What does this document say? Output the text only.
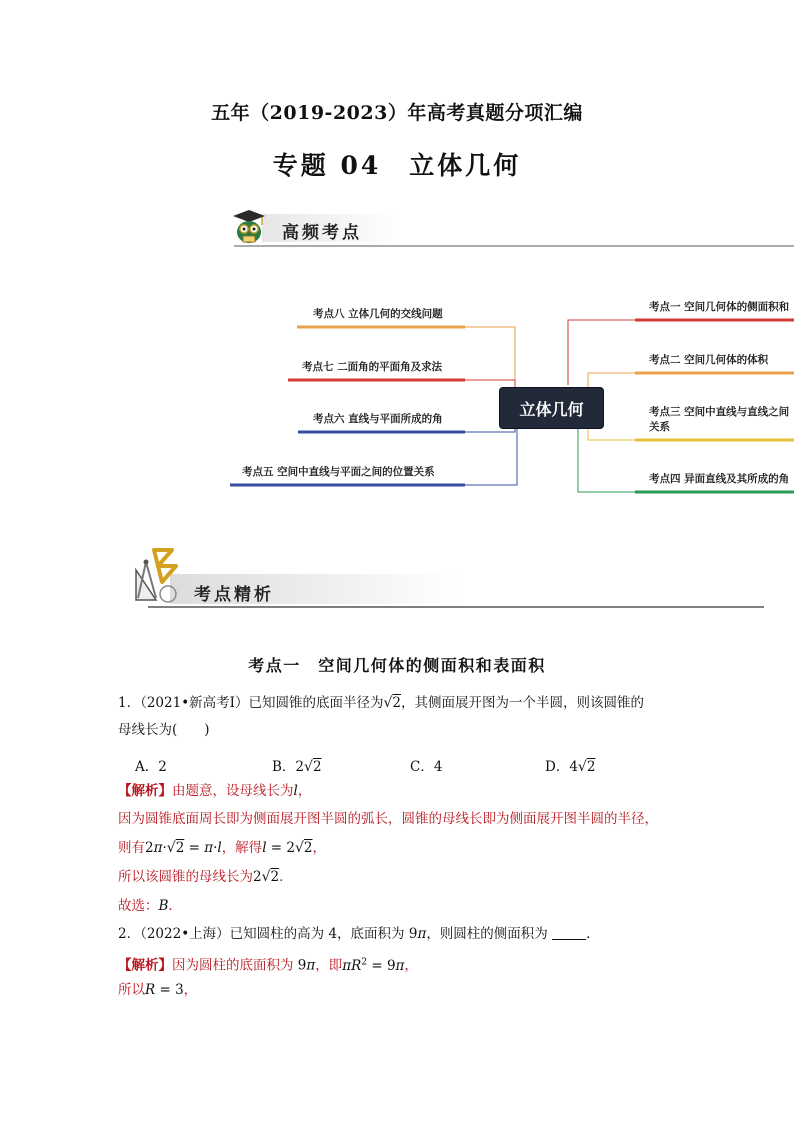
五年（2019-2023）年高考真题分项汇编
专题 04　立体几何
高频考点
考点八 立体几何的交线问题
考点七 二面角的平面角及求法
考点六 直线与平面所成的角
考点五 空间中直线与平面之间的位置关系
考点一 空间几何体的侧面积和
考点二 空间几何体的体积
考点三 空间中直线与直线之间
关系
考点四 异面直线及其所成的角
立体几何
考点精析
考点一　空间几何体的侧面积和表面积
1．（2021•新高考Ⅰ）已知圆锥的底面半径为√2，其侧面展开图为一个半圆，则该圆锥的
母线长为(　　)
A．2	B．2√2	C．4	D．4√2
【解析】由题意，设母线长为l，
因为圆锥底面周长即为侧面展开图半圆的弧长，圆锥的母线长即为侧面展开图半圆的半径，
则有2π·√2 = π·l，解得l = 2√2，
所以该圆锥的母线长为2√2．
故选：B．
2．（2022•上海）已知圆柱的高为 4，底面积为 9π，则圆柱的侧面积为	．
【解析】因为圆柱的底面积为 9π，即$\pi R^2 = 9\pi$，
所以R = 3，
